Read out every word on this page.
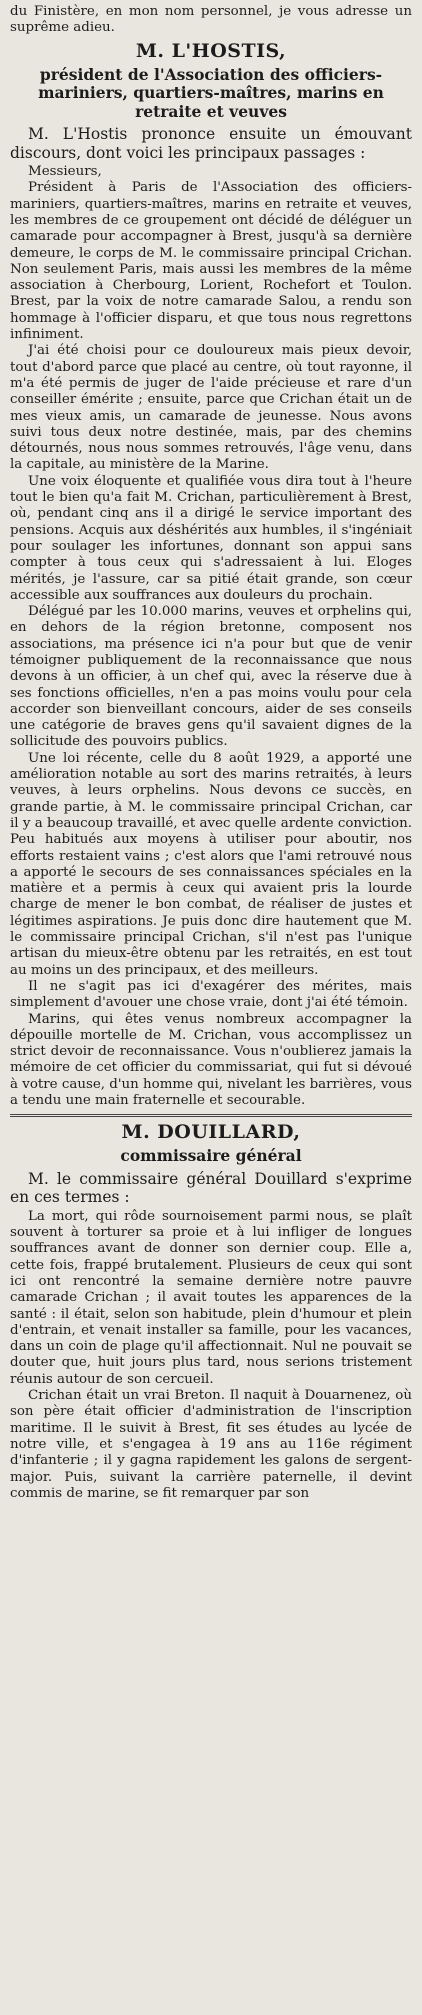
du Finistère, en mon nom personnel, je vous adresse un suprême adieu.

M. L'HOSTIS,
président de l'Association des officiers-mariniers, quartiers-maîtres, marins en retraite et veuves

M. L'Hostis prononce ensuite un émouvant discours, dont voici les principaux passages :

Messieurs,

Président à Paris de l'Association des officiers-mariniers, quartiers-maîtres, marins en retraite et veuves, les membres de ce groupement ont décidé de déléguer un camarade pour accompagner à Brest, jusqu'à sa dernière demeure, le corps de M. le commissaire principal Crichan. Non seulement Paris, mais aussi les membres de la même association à Cherbourg, Lorient, Rochefort et Toulon. Brest, par la voix de notre camarade Salou, a rendu son hommage à l'officier disparu, et que tous nous regrettons infiniment.

J'ai été choisi pour ce douloureux mais pieux devoir, tout d'abord parce que placé au centre, où tout rayonne, il m'a été permis de juger de l'aide précieuse et rare d'un conseiller émérite ; ensuite, parce que Crichan était un de mes vieux amis, un camarade de jeunesse. Nous avons suivi tous deux notre destinée, mais, par des chemins détournés, nous nous sommes retrouvés, l'âge venu, dans la capitale, au ministère de la Marine.

Une voix éloquente et qualifiée vous dira tout à l'heure tout le bien qu'a fait M. Crichan, particulièrement à Brest, où, pendant cinq ans il a dirigé le service important des pensions. Acquis aux déshérités aux humbles, il s'ingéniait pour soulager les infortunes, donnant son appui sans compter à tous ceux qui s'adressaient à lui. Eloges mérités, je l'assure, car sa pitié était grande, son cœur accessible aux souffrances aux douleurs du prochain.

Délégué par les 10.000 marins, veuves et orphelins qui, en dehors de la région bretonne, composent nos associations, ma présence ici n'a pour but que de venir témoigner publiquement de la reconnaissance que nous devons à un officier, à un chef qui, avec la réserve due à ses fonctions officielles, n'en a pas moins voulu pour cela accorder son bienveillant concours, aider de ses conseils une catégorie de braves gens qu'il savaient dignes de la sollicitude des pouvoirs publics.

Une loi récente, celle du 8 août 1929, a apporté une amélioration notable au sort des marins retraités, à leurs veuves, à leurs orphelins. Nous devons ce succès, en grande partie, à M. le commissaire principal Crichan, car il y a beaucoup travaillé, et avec quelle ardente conviction. Peu habitués aux moyens à utiliser pour aboutir, nos efforts restaient vains ; c'est alors que l'ami retrouvé nous a apporté le secours de ses connaissances spéciales en la matière et a permis à ceux qui avaient pris la lourde charge de mener le bon combat, de réaliser de justes et légitimes aspirations. Je puis donc dire hautement que M. le commissaire principal Crichan, s'il n'est pas l'unique artisan du mieux-être obtenu par les retraités, en est tout au moins un des principaux, et des meilleurs.

Il ne s'agit pas ici d'exagérer des mérites, mais simplement d'avouer une chose vraie, dont j'ai été témoin.

Marins, qui êtes venus nombreux accompagner la dépouille mortelle de M. Crichan, vous accomplissez un strict devoir de reconnaissance. Vous n'oublierez jamais la mémoire de cet officier du commissariat, qui fut si dévoué à votre cause, d'un homme qui, nivelant les barrières, vous a tendu une main fraternelle et secourable.

M. DOUILLARD,
commissaire général

M. le commissaire général Douillard s'exprime en ces termes :

La mort, qui rôde sournoisement parmi nous, se plaît souvent à torturer sa proie et à lui infliger de longues souffrances avant de donner son dernier coup. Elle a, cette fois, frappé brutalement. Plusieurs de ceux qui sont ici ont rencontré la semaine dernière notre pauvre camarade Crichan ; il avait toutes les apparences de la santé : il était, selon son habitude, plein d'humour et plein d'entrain, et venait installer sa famille, pour les vacances, dans un coin de plage qu'il affectionnait. Nul ne pouvait se douter que, huit jours plus tard, nous serions tristement réunis autour de son cercueil.

Crichan était un vrai Breton. Il naquit à Douarnenez, où son père était officier d'administration de l'inscription maritime. Il le suivit à Brest, fit ses études au lycée de notre ville, et s'engagea à 19 ans au 116e régiment d'infanterie ; il y gagna rapidement les galons de sergent-major. Puis, suivant la carrière paternelle, il devint commis de marine, se fit remarquer par son
